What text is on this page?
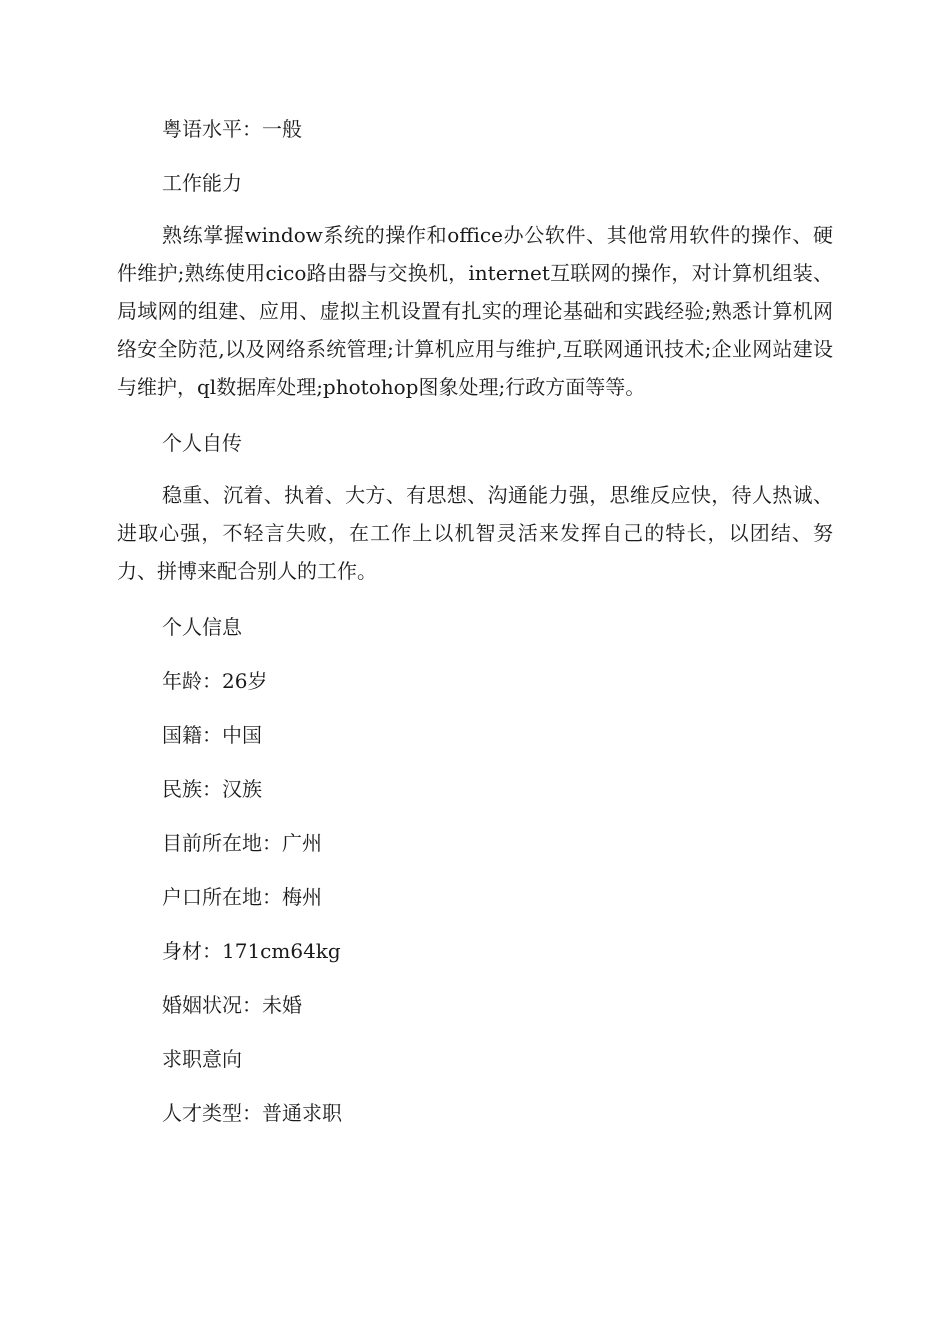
粤语水平：一般
工作能力

熟练掌握window系统的操作和office办公软件、其他常用软件的操作、硬件维护;熟练使用cico路由器与交换机，internet互联网的操作，对计算机组装、局域网的组建、应用、虚拟主机设置有扎实的理论基础和实践经验;熟悉计算机网络安全防范,以及网络系统管理;计算机应用与维护,互联网通讯技术;企业网站建设与维护，ql数据库处理;photohop图象处理;行政方面等等。

个人自传

稳重、沉着、执着、大方、有思想、沟通能力强，思维反应快，待人热诚、进取心强，不轻言失败，在工作上以机智灵活来发挥自己的特长，以团结、努力、拼博来配合别人的工作。

个人信息
年龄：26岁
国籍：中国
民族：汉族
目前所在地：广州
户口所在地：梅州
身材：171cm64kg
婚姻状况：未婚
求职意向
人才类型：普通求职
